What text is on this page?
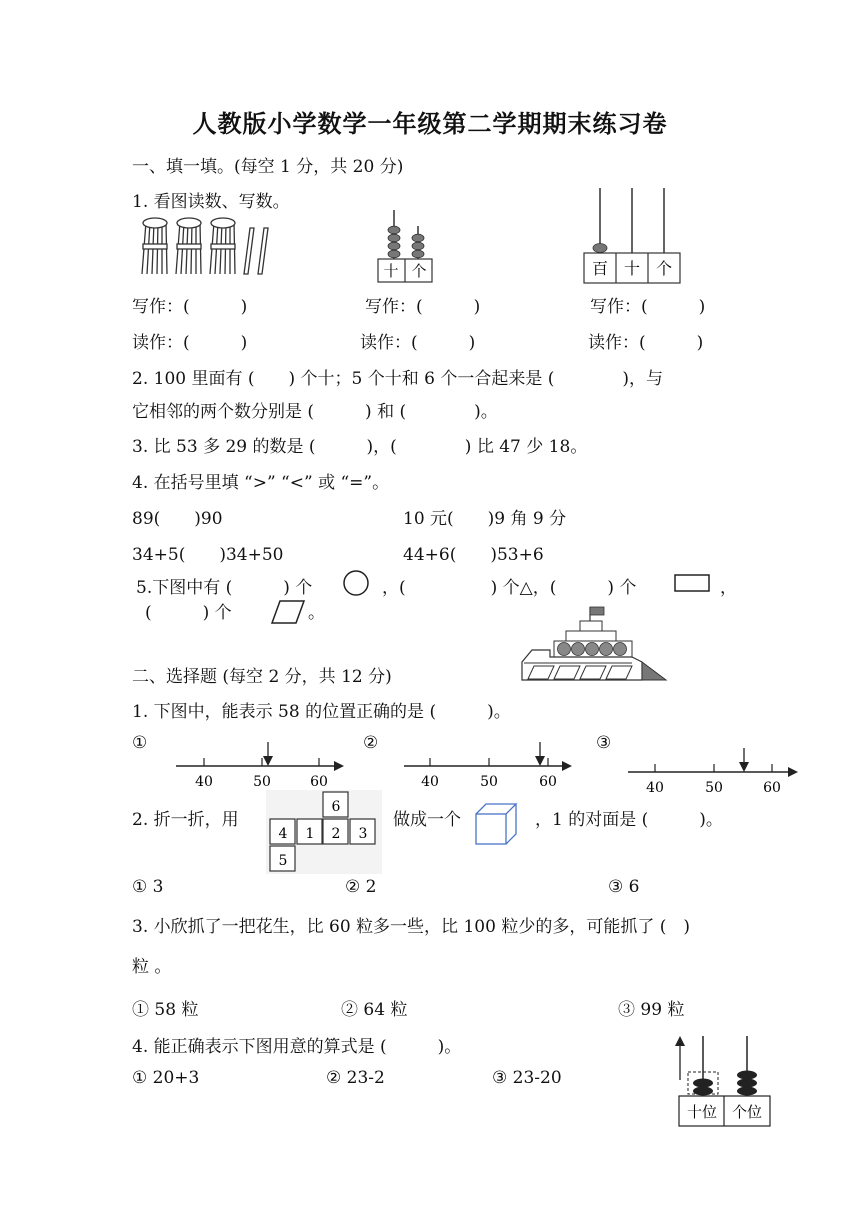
人教版小学数学一年级第二学期期末练习卷
一、填一填。(每空 1 分，共 20 分)
1. 看图读数、写数。
十 个	百 十 个
写作：(　　　)	写作：(　　　)	写作：(　　　)
读作：(　　　)	读作：(　　　)	读作：(　　　)
2. 100 里面有 (　　) 个十；5 个十和 6 个一合起来是 (　　　　)，与
它相邻的两个数分别是 (　　　) 和 (　　　　)。
3. 比 53 多 29 的数是 (　　　)，(　　　　) 比 47 少 18。
4. 在括号里填 “>” “<” 或 “=”。
89(　　)90	10 元(　　)9 角 9 分
34+5(　　)34+50	44+6(　　)53+6
5.下图中有 (　　　) 个	，(　　　　　) 个△，(　　　) 个	，
(　　　) 个	。
二、选择题 (每空 2 分，共 12 分)
1. 下图中，能表示 58 的位置正确的是 (　　　)。
①
40	50	60
②
40	50	60
③
40	50	60
2. 折一折，用
6
4 1 2 3
5
做成一个	，1 的对面是 (　　　)。
① 3	② 2	③ 6
3. 小欣抓了一把花生，比 60 粒多一些，比 100 粒少的多，可能抓了 (　)
粒 。
① 58 粒	② 64 粒	③ 99 粒
4. 能正确表示下图用意的算式是 (　　　)。
① 20+3	② 23-2	③ 23-20
十位 个位
